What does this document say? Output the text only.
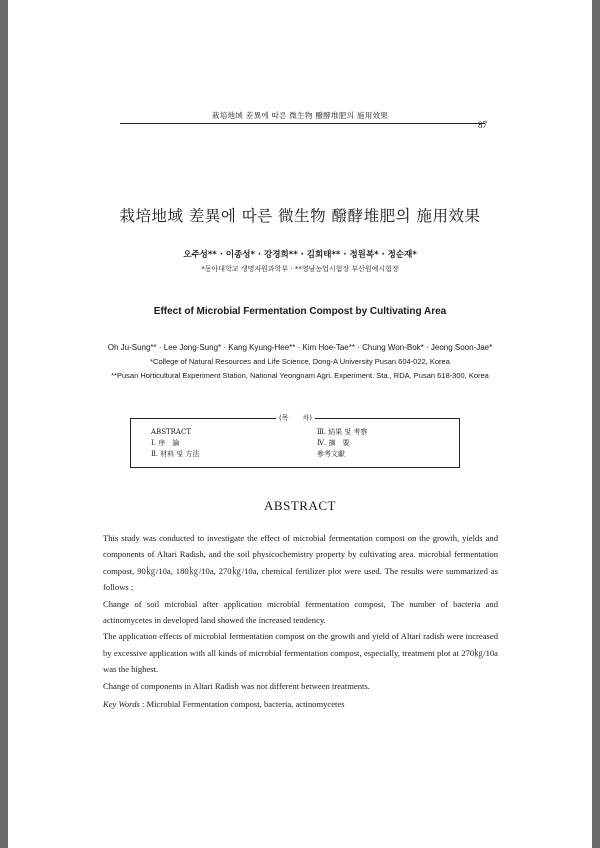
栽培地域 差異에 따른 微生物 醱酵堆肥의 施用效果
87
栽培地域 差異에 따른 微生物 醱酵堆肥의 施用效果
오주성** · 이종성* · 강경희** · 김회태** · 정원복* · 정순재*
*동아대학교 생명자원과학부 · **영남농업시험장 부산원예시험장
Effect of Microbial Fermentation Compost by Cultivating Area
Oh Ju-Sung** · Lee Jong-Sung* · Kang Kyung-Hee** · Kim Hoe-Tae** · Chung Won-Bok* · Jeong Soon-Jae*
*College of Natural Resources and Life Science, Dong-A University Pusan 604-022, Korea
**Pusan Horticultural Experiment Station, National Yeongnam Agri. Experiment. Sta., RDA. Pusan 618-300, Korea
(목　　차)
ABSTRACT
Ⅰ. 序　論
Ⅱ. 材料 및 方法
Ⅲ. 結果 및 考察
Ⅳ. 摘　要
參考文獻
ABSTRACT

This study was conducted to investigate the effect of microbial fermentation compost on the growth, yields and components of Altari Radish, and the soil physicochemistry property by cultivating area. microbial fermentation compost, 90㎏/10a, 180㎏/10a, 270㎏/10a, chemical fertilizer plot were used. The results were summarized as follows ;

Change of soil microbial after application microbial fermentation compost, The number of bacteria and actinomycetes in developed land showed the increased tendency.

The application effects of microbial fermentation compost on the growth and yield of Altari radish were increased by excessive application with all kinds of microbial fermentation compost, especially, treatment plot at 270㎏/10a was the highest.

Change of components in Altari Radish was not different between treatments.

Key Words : Microbial Fermentation compost, bacteria, actinomycetes
